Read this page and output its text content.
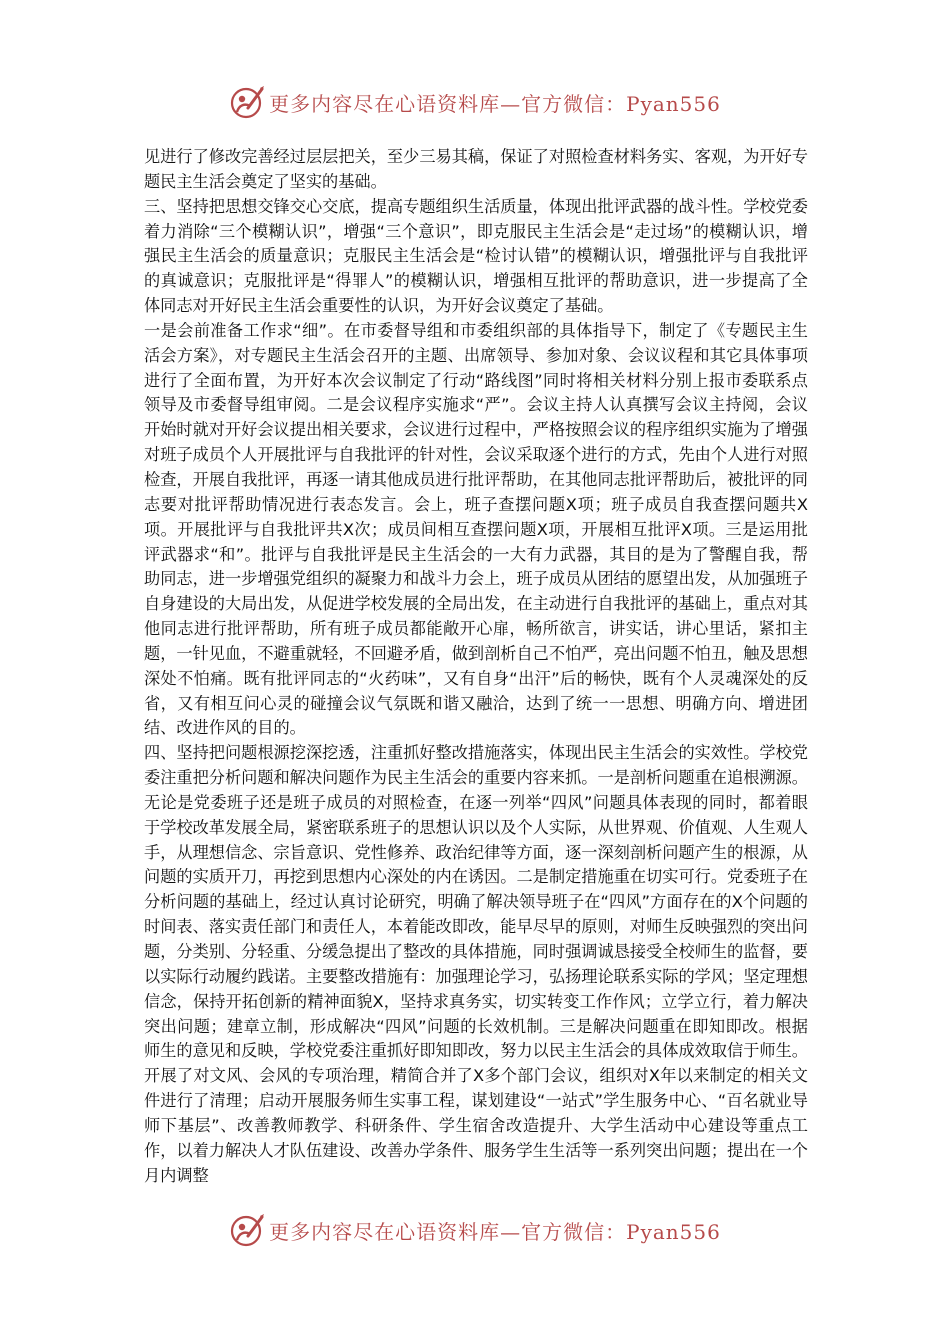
更多内容尽在心语资料库—官方微信：Pyan556

见进行了修改完善经过层层把关，至少三易其稿，保证了对照检查材料务实、客观，为开好专题民主生活会奠定了坚实的基础。

三、坚持把思想交锋交心交底，提高专题组织生活质量，体现出批评武器的战斗性。学校党委着力消除“三个模糊认识”，增强“三个意识”，即克服民主生活会是“走过场”的模糊认识，增强民主生活会的质量意识；克服民主生活会是“检讨认错”的模糊认识，增强批评与自我批评的真诚意识；克服批评是“得罪人”的模糊认识，增强相互批评的帮助意识，进一步提高了全体同志对开好民主生活会重要性的认识，为开好会议奠定了基础。

一是会前准备工作求“细”。在市委督导组和市委组织部的具体指导下，制定了《专题民主生活会方案》，对专题民主生活会召开的主题、出席领导、参加对象、会议议程和其它具体事项进行了全面布置，为开好本次会议制定了行动“路线图”同时将相关材料分别上报市委联系点领导及市委督导组审阅。二是会议程序实施求“严”。会议主持人认真撰写会议主持阅，会议开始时就对开好会议提出相关要求，会议进行过程中，严格按照会议的程序组织实施为了增强对班子成员个人开展批评与自我批评的针对性，会议采取逐个进行的方式，先由个人进行对照检查，开展自我批评，再逐一请其他成员进行批评帮助，在其他同志批评帮助后，被批评的同志要对批评帮助情况进行表态发言。会上，班子查摆问题X项；班子成员自我查摆问题共X项。开展批评与自我批评共X次；成员间相互查摆问题X项，开展相互批评X项。三是运用批评武器求“和”。批评与自我批评是民主生活会的一大有力武器，其目的是为了警醒自我，帮助同志，进一步增强党组织的凝聚力和战斗力会上，班子成员从团结的愿望出发，从加强班子自身建设的大局出发，从促进学校发展的全局出发，在主动进行自我批评的基础上，重点对其他同志进行批评帮助，所有班子成员都能敞开心扉，畅所欲言，讲实话，讲心里话，紧扣主题，一针见血，不避重就轻，不回避矛盾，做到剖析自己不怕严，亮出问题不怕丑，触及思想深处不怕痛。既有批评同志的“火药味”，又有自身“出汗”后的畅快，既有个人灵魂深处的反省，又有相互问心灵的碰撞会议气氛既和谐又融洽，达到了统一一思想、明确方向、增进团结、改进作风的目的。

四、坚持把问题根源挖深挖透，注重抓好整改措施落实，体现出民主生活会的实效性。学校党委注重把分析问题和解决问题作为民主生活会的重要内容来抓。一是剖析问题重在追根溯源。无论是党委班子还是班子成员的对照检查，在逐一列举“四风”问题具体表现的同时，都着眼于学校改革发展全局，紧密联系班子的思想认识以及个人实际，从世界观、价值观、人生观人手，从理想信念、宗旨意识、党性修养、政治纪律等方面，逐一深刻剖析问题产生的根源，从问题的实质开刀，再挖到思想内心深处的内在诱因。二是制定措施重在切实可行。党委班子在分析问题的基础上，经过认真讨论研究，明确了解决领导班子在“四风”方面存在的X个问题的时间表、落实责任部门和责任人，本着能改即改，能早尽早的原则，对师生反映强烈的突出问题，分类别、分轻重、分缓急提出了整改的具体措施，同时强调诚恳接受全校师生的监督，要以实际行动履约践诺。主要整改措施有：加强理论学习，弘扬理论联系实际的学风；坚定理想信念，保持开拓创新的精神面貌X，坚持求真务实，切实转变工作作风；立学立行，着力解决突出问题；建章立制，形成解决“四风”问题的长效机制。三是解决问题重在即知即改。根据师生的意见和反映，学校党委注重抓好即知即改，努力以民主生活会的具体成效取信于师生。开展了对文风、会风的专项治理，精简合并了X多个部门会议，组织对X年以来制定的相关文件进行了清理；启动开展服务师生实事工程，谋划建设“一站式”学生服务中心、“百名就业导师下基层”、改善教师教学、科研条件、学生宿舍改造提升、大学生活动中心建设等重点工作，以着力解决人才队伍建设、改善办学条件、服务学生生活等一系列突出问题；提出在一个月内调整

更多内容尽在心语资料库—官方微信：Pyan556
